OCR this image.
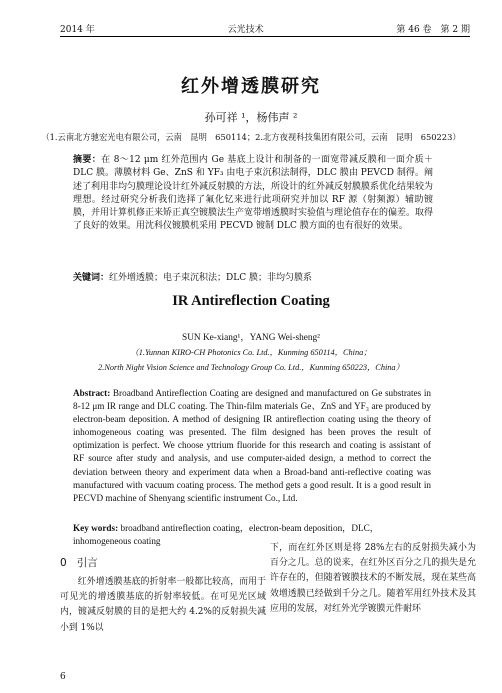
2014 年	云光技术	第 46 卷　第 2 期
红外增透膜研究
孙可祥 ¹，杨伟声 ²
（1.云南北方驰宏光电有限公司，云南　昆明　650114；2.北方夜视科技集团有限公司，云南　昆明　650223）
摘要：在 8～12 μm 红外范围内 Ge 基底上设计和制备的一面宽带减反膜和一面介质＋DLC 膜。薄膜材料 Ge、ZnS 和 YF₃ 由电子束沉积法制得，DLC 膜由 PEVCD 制得。阐述了利用非均匀膜理论设计红外减反射膜的方法，所设计的红外减反射膜膜系优化结果较为理想。经过研究分析我们选择了氟化钇来进行此项研究并加以 RF 源（射频源）辅助镀膜，并用计算机修正来矫正真空镀膜法生产宽带增透膜时实验值与理论值存在的偏差。取得了良好的效果。用沈科仪镀膜机采用 PECVD 镀制 DLC 膜方面的也有很好的效果。
关键词：红外增透膜；电子束沉积法；DLC 膜；非均匀膜系
IR Antireflection Coating
SUN Ke-xiang¹，YANG Wei-sheng²
（1.Yunnan KIRO-CH Photonics Co. Ltd.，Kunming 650114，China；
2.North Night Vision Science and Technology Group Co. Ltd.，Kunming 650223，China）
Abstract: Broadband Antireflection Coating are designed and manufactured on Ge substrates in 8-12 μm IR range and DLC coating. The Thin-film materials Ge、ZnS and YF₃ are produced by electron-beam deposition. A method of designing IR antireflection coating using the theory of inhomogeneous coating was presented. The film designed has been proves the result of optimization is perfect. We choose yttrium fluoride for this research and coating is assistant of RF source after study and analysis, and use computer-aided design, a method to correct the deviation between theory and experiment data when a Broad-band anti-reflective coating was manufactured with vacuum coating process. The method gets a good result. It is a good result in PECVD machine of Shenyang scientific instrument Co., Ltd.
Key words: broadband antireflection coating，electron-beam deposition，DLC，inhomogeneous coating
0 引言
红外增透膜基底的折射率一般都比较高，而用于可见光的增透膜基底的折射率较低。在可见光区域内，镀减反射膜的目的是把大约 4.2%的反射损失减小到 1%以
下，而在红外区则是将 28%左右的反射损失减小为百分之几。总的说来，在红外区百分之几的损失是允许存在的，但随着镀膜技术的不断发展，现在某些高效增透膜已经做到千分之几。随着军用红外技术及其应用的发展，对红外光学镀膜元件耐环
6
